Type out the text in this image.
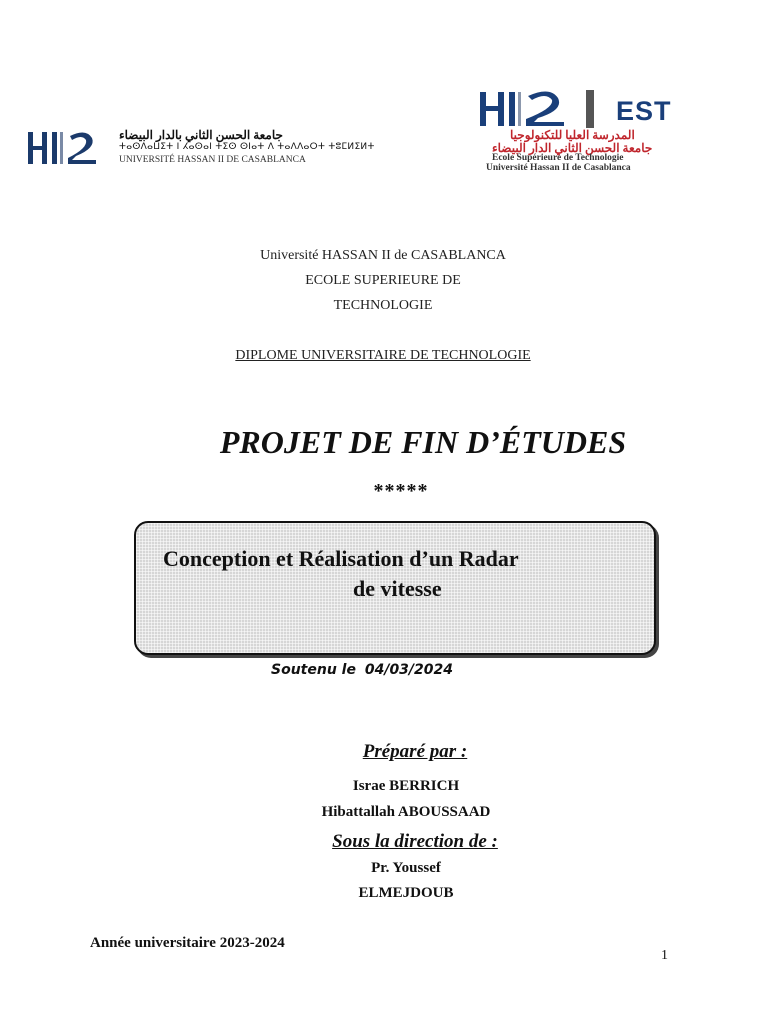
جامعة الحسن الثاني بالدار البيضاء
ⵜⴰⵙⴷⴰⵡⵉⵜ ⵏ ⵃⴰⵙⴰⵏ ⵜⵉⵙ ⵙⵏⴰⵜ ⴷ ⵜⴰⴷⴷⴰⵔⵜ ⵜⵓⵎⵍⵉⵍⵜ
UNIVERSITÉ HASSAN II DE CASABLANCA
EST
المدرسة العليا للتكنولوجيا
جامعة الحسن الثاني الدار البيضاء
Ecole Supérieure de Technologie
Université Hassan II de Casablanca
Université HASSAN II de CASABLANCA
ECOLE SUPERIEURE DE
TECHNOLOGIE
DIPLOME UNIVERSITAIRE DE TECHNOLOGIE
PROJET DE FIN D’ÉTUDES
*****
Conception et Réalisation d’un Radar
de vitesse
Soutenu le 04/03/2024
Préparé par :
Israe BERRICH
Hibattallah ABOUSSAAD
Sous la direction de :
Pr. Youssef
ELMEJDOUB
Année universitaire 2023-2024
1
